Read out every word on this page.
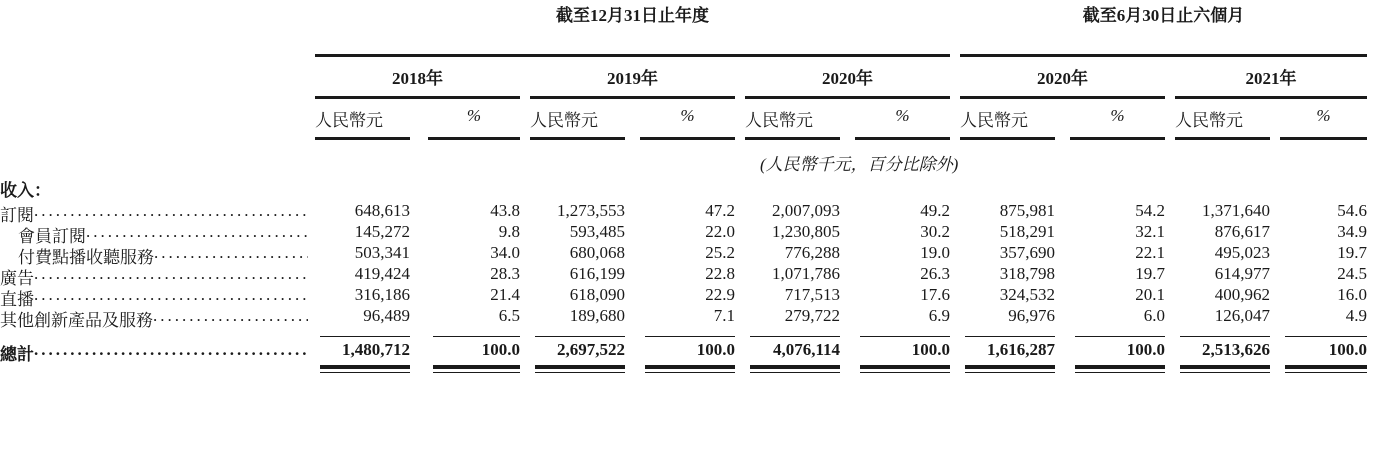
截至12月31日止年度	截至6月30日止六個月
2018年
人民幣元	%
2019年
人民幣元	%
2020年
人民幣元	%
2020年
人民幣元	%
2021年
人民幣元	%
(人民幣千元，百分比除外)
收入：
訂閱 .....	648,613	43.8	1,273,553	47.2	2,007,093	49.2	875,981	54.2	1,371,640	54.6
會員訂閱 .....	145,272	9.8	593,485	22.0	1,230,805	30.2	518,291	32.1	876,617	34.9
付費點播收聽服務 .....	503,341	34.0	680,068	25.2	776,288	19.0	357,690	22.1	495,023	19.7
廣告 .....	419,424	28.3	616,199	22.8	1,071,786	26.3	318,798	19.7	614,977	24.5
直播 .....	316,186	21.4	618,090	22.9	717,513	17.6	324,532	20.1	400,962	16.0
其他創新產品及服務 .....	96,489	6.5	189,680	7.1	279,722	6.9	96,976	6.0	126,047	4.9
總計 .....	1,480,712	100.0	2,697,522	100.0	4,076,114	100.0	1,616,287	100.0	2,513,626	100.0
